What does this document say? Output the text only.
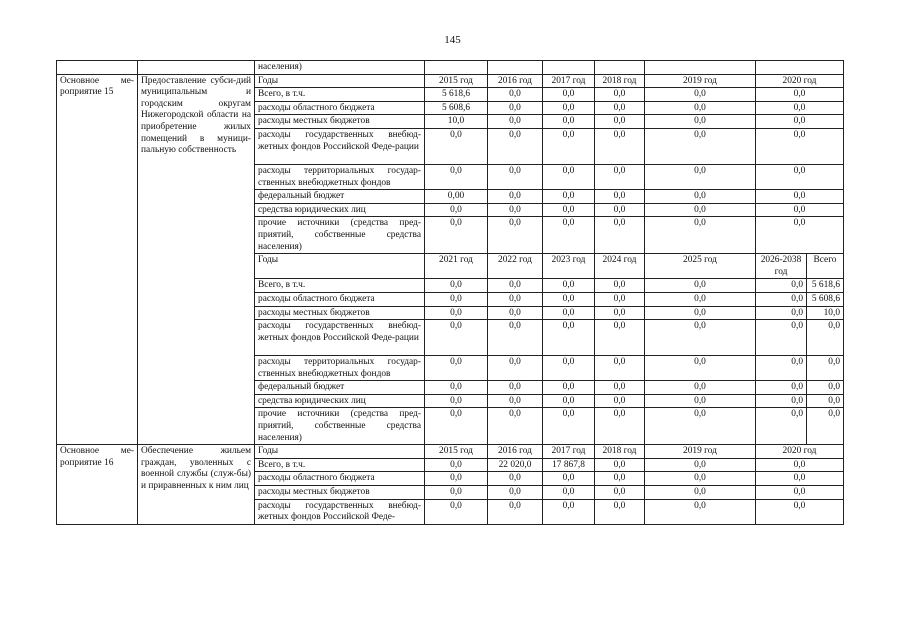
145
		населения)							
Основное ме-роприятие 15	Предоставление субси-дий муниципальным и городским округам Нижегородской области на приобретение жилых помещений в муници-пальную собственность	Годы	2015 год	2016 год	2017 год	2018 год	2019 год	2020 год	
		Всего, в т.ч.	5 618,6	0,0	0,0	0,0	0,0	0,0	
		расходы областного бюджета	5 608,6	0,0	0,0	0,0	0,0	0,0	
		расходы местных бюджетов	10,0	0,0	0,0	0,0	0,0	0,0	
		расходы государственных внебюд-жетных фондов Российской Феде-рации	0,0	0,0	0,0	0,0	0,0	0,0	
		расходы территориальных государ-ственных внебюджетных фондов	0,0	0,0	0,0	0,0	0,0	0,0	
		федеральный бюджет	0,00	0,0	0,0	0,0	0,0	0,0	
		средства юридических лиц	0,0	0,0	0,0	0,0	0,0	0,0	
		прочие источники (средства пред-приятий, собственные средства населения)	0,0	0,0	0,0	0,0	0,0	0,0	
		Годы	2021 год	2022 год	2023 год	2024 год	2025 год	2026-2038 год	Всего
		Всего, в т.ч.	0,0	0,0	0,0	0,0	0,0	0,0	5 618,6
		расходы областного бюджета	0,0	0,0	0,0	0,0	0,0	0,0	5 608,6
		расходы местных бюджетов	0,0	0,0	0,0	0,0	0,0	0,0	10,0
		расходы государственных внебюд-жетных фондов Российской Феде-рации	0,0	0,0	0,0	0,0	0,0	0,0	0,0
		расходы территориальных государ-ственных внебюджетных фондов	0,0	0,0	0,0	0,0	0,0	0,0	0,0
		федеральный бюджет	0,0	0,0	0,0	0,0	0,0	0,0	0,0
		средства юридических лиц	0,0	0,0	0,0	0,0	0,0	0,0	0,0
		прочие источники (средства пред-приятий, собственные средства населения)	0,0	0,0	0,0	0,0	0,0	0,0	0,0
Основное ме-роприятие 16	Обеспечение жильем граждан, уволенных с военной службы (служ-бы) и приравненных к ним лиц	Годы	2015 год	2016 год	2017 год	2018 год	2019 год	2020 год	
		Всего, в т.ч.	0,0	22 020,0	17 867,8	0,0	0,0	0,0	
		расходы областного бюджета	0,0	0,0	0,0	0,0	0,0	0,0	
		расходы местных бюджетов	0,0	0,0	0,0	0,0	0,0	0,0	
		расходы государственных внебюд-жетных фондов Российской Феде-	0,0	0,0	0,0	0,0	0,0	0,0	
